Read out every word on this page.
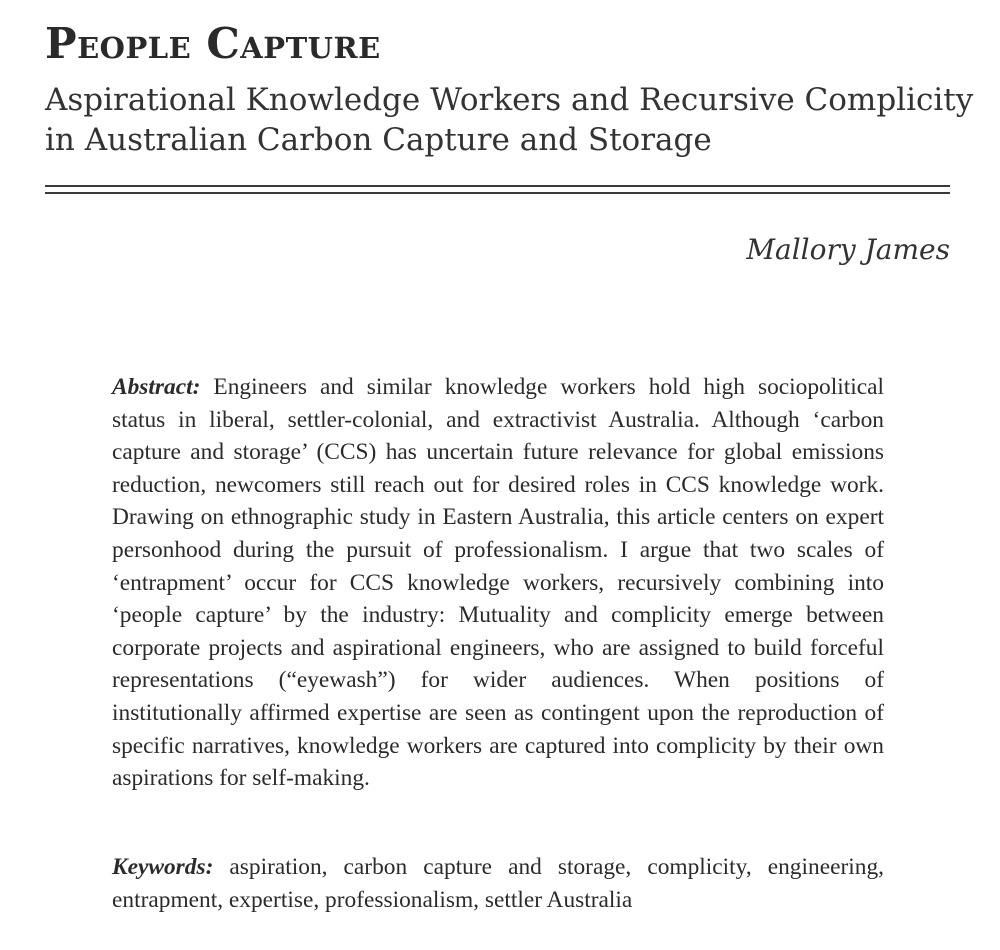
People Capture
Aspirational Knowledge Workers and Recursive Complicity in Australian Carbon Capture and Storage
Mallory James

Abstract: Engineers and similar knowledge workers hold high sociopolitical status in liberal, settler-colonial, and extractivist Australia. Although ‘carbon capture and storage’ (CCS) has uncertain future relevance for global emissions reduction, newcomers still reach out for desired roles in CCS knowledge work. Drawing on ethnographic study in Eastern Australia, this article centers on expert personhood during the pursuit of professionalism. I argue that two scales of ‘entrapment’ occur for CCS knowledge workers, recursively combining into ‘people capture’ by the industry: Mutuality and complicity emerge between corporate projects and aspirational engineers, who are assigned to build forceful representations (“eyewash”) for wider audiences. When positions of institutionally affirmed expertise are seen as contingent upon the reproduction of specific narratives, knowledge workers are captured into complicity by their own aspirations for self-making.

Keywords: aspiration, carbon capture and storage, complicity, engineering, entrapment, expertise, professionalism, settler Australia
